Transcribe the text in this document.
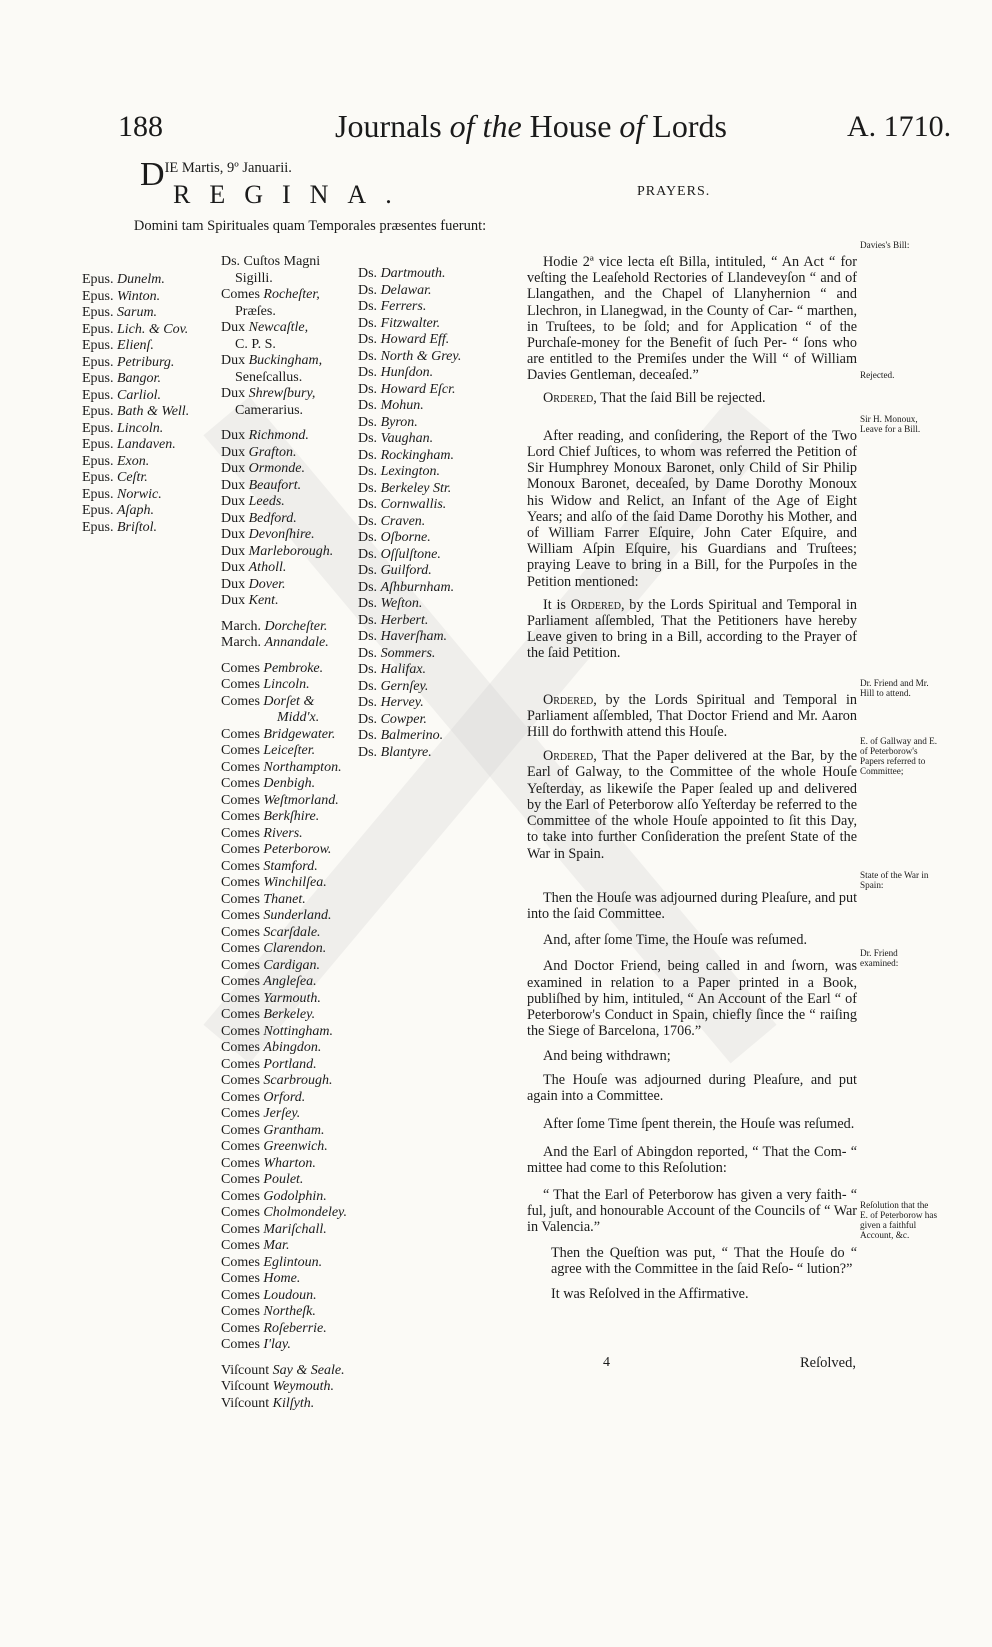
188	Journals of the House of Lords	A. 1710.
DIE Martis, 9º Januarii.
REGINA.
Domini tam Spirituales quam Temporales præsentes fuerunt:
PRAYERS.
Epus. Dunelm.
Epus. Winton.
Epus. Sarum.
Epus. Lich. & Cov.
Epus. Elienſ.
Epus. Petriburg.
Epus. Bangor.
Epus. Carliol.
Epus. Bath & Well.
Epus. Lincoln.
Epus. Landaven.
Epus. Exon.
Epus. Ceſtr.
Epus. Norwic.
Epus. Aſaph.
Epus. Briſtol.
Ds. Cuſtos Magni
Sigilli.
Comes Rocheſter,
Præſes.
Dux Newcaſtle,
C. P. S.
Dux Buckingham,
Seneſcallus.
Dux Shrewſbury,
Camerarius.
Dux Richmond.
Dux Grafton.
Dux Ormonde.
Dux Beaufort.
Dux Leeds.
Dux Bedford.
Dux Devonſhire.
Dux Marleborough.
Dux Atholl.
Dux Dover.
Dux Kent.
March. Dorcheſter.
March. Annandale.
Comes Pembroke.
Comes Lincoln.
Comes Dorſet &
Midd'x.
Comes Bridgewater.
Comes Leiceſter.
Comes Northampton.
Comes Denbigh.
Comes Weſtmorland.
Comes Berkſhire.
Comes Rivers.
Comes Peterborow.
Comes Stamford.
Comes Winchilſea.
Comes Thanet.
Comes Sunderland.
Comes Scarſdale.
Comes Clarendon.
Comes Cardigan.
Comes Angleſea.
Comes Yarmouth.
Comes Berkeley.
Comes Nottingham.
Comes Abingdon.
Comes Portland.
Comes Scarbrough.
Comes Orford.
Comes Jerſey.
Comes Grantham.
Comes Greenwich.
Comes Wharton.
Comes Poulet.
Comes Godolphin.
Comes Cholmondeley.
Comes Mariſchall.
Comes Mar.
Comes Eglintoun.
Comes Home.
Comes Loudoun.
Comes Northeſk.
Comes Roſeberrie.
Comes I'lay.
Viſcount Say & Seale.
Viſcount Weymouth.
Viſcount Kilſyth.
Ds. Dartmouth.
Ds. Delawar.
Ds. Ferrers.
Ds. Fitzwalter.
Ds. Howard Eff.
Ds. North & Grey.
Ds. Hunſdon.
Ds. Howard Eſcr.
Ds. Mohun.
Ds. Byron.
Ds. Vaughan.
Ds. Rockingham.
Ds. Lexington.
Ds. Berkeley Str.
Ds. Cornwallis.
Ds. Craven.
Ds. Oſborne.
Ds. Oſſulſtone.
Ds. Guilford.
Ds. Aſhburnham.
Ds. Weſton.
Ds. Herbert.
Ds. Haverſham.
Ds. Sommers.
Ds. Halifax.
Ds. Gernſey.
Ds. Hervey.
Ds. Cowper.
Ds. Balmerino.
Ds. Blantyre.

Hodie 2ª vice lecta eſt Billa, intituled, “ An Act “ for veſting the Leaſehold Rectories of Llandeveyſon “ and of Llangathen, and the Chapel of Llanyhernion “ and Llechron, in Llanegwad, in the County of Car- “ marthen, in Truſtees, to be ſold; and for Application “ of the Purchaſe-money for the Benefit of ſuch Per- “ ſons who are entitled to the Premiſes under the Will “ of William Davies Gentleman, deceaſed.”

Ordered, That the ſaid Bill be rejected.

After reading, and conſidering, the Report of the Two Lord Chief Juſtices, to whom was referred the Petition of Sir Humphrey Monoux Baronet, only Child of Sir Philip Monoux Baronet, deceaſed, by Dame Dorothy Monoux his Widow and Relict, an Infant of the Age of Eight Years; and alſo of the ſaid Dame Dorothy his Mother, and of William Farrer Eſquire, John Cater Eſquire, and William Aſpin Eſquire, his Guardians and Truſtees; praying Leave to bring in a Bill, for the Purpoſes in the Petition mentioned:

It is Ordered, by the Lords Spiritual and Temporal in Parliament aſſembled, That the Petitioners have hereby Leave given to bring in a Bill, according to the Prayer of the ſaid Petition.

Ordered, by the Lords Spiritual and Temporal in Parliament aſſembled, That Doctor Friend and Mr. Aaron Hill do forthwith attend this Houſe.

Ordered, That the Paper delivered at the Bar, by the Earl of Galway, to the Committee of the whole Houſe Yeſterday, as likewiſe the Paper ſealed up and delivered by the Earl of Peterborow alſo Yeſterday be referred to the Committee of the whole Houſe appointed to ſit this Day, to take into further Conſideration the preſent State of the War in Spain.

Then the Houſe was adjourned during Pleaſure, and put into the ſaid Committee.

And, after ſome Time, the Houſe was reſumed.

And Doctor Friend, being called in and ſworn, was examined in relation to a Paper printed in a Book, publiſhed by him, intituled, “ An Account of the Earl “ of Peterborow's Conduct in Spain, chiefly ſince the “ raiſing the Siege of Barcelona, 1706.”

And being withdrawn;

The Houſe was adjourned during Pleaſure, and put again into a Committee.

After ſome Time ſpent therein, the Houſe was reſumed.

And the Earl of Abingdon reported, “ That the Com- “ mittee had come to this Reſolution:

“ That the Earl of Peterborow has given a very faith- “ ful, juſt, and honourable Account of the Councils of “ War in Valencia.”

Then the Queſtion was put, “ That the Houſe do “ agree with the Committee in the ſaid Reſo- “ lution?”

It was Reſolved in the Affirmative.

Davies's Bill:
Rejected.
Sir H. Monoux, Leave for a Bill.
Dr. Friend and Mr. Hill to attend.
E. of Gallway and E. of Peterborow's Papers referred to Committee;
State of the War in Spain:
Dr. Friend examined:
Reſolution that the E. of Peterborow has given a faithful Account, &c.
4	Reſolved,
